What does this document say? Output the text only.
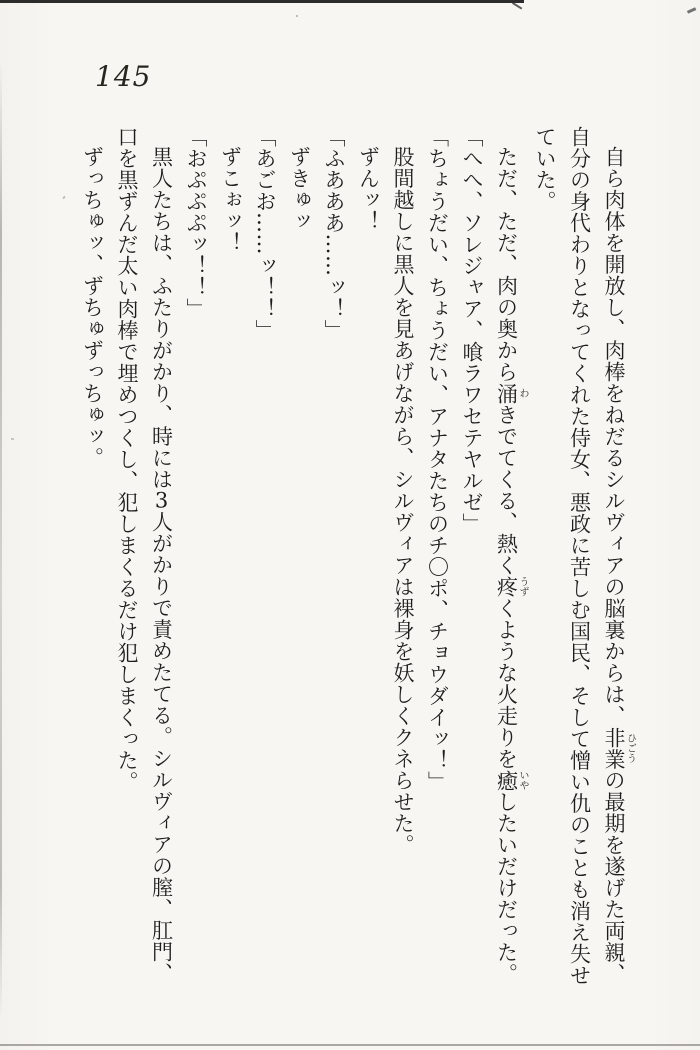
145

自ら肉体を開放し、肉棒をねだるシルヴィアの脳裏からは、非業ひごうの最期を遂げた両親、

自分の身代わりとなってくれた侍女、悪政に苦しむ国民、そして憎い仇のことも消え失せ

ていた。

ただ、ただ、肉の奥から涌わきでてくる、熱く疼うずくような火走りを癒いやしたいだけだった。

「へへ、ソレジャア、喰ラワセテヤルゼ」

「ちょうだい、ちょうだい、アナタたちのチ〇ポ、チョウダイッ！」

股間越しに黒人を見あげながら、シルヴィアは裸身を妖しくクネらせた。

ずんッ！

「ふあああ……ッ！」

ずきゅッ

「あごお……ッ！！」

ずこぉッ！

「おぷぷぷッ！！」

黒人たちは、ふたりがかり、時には3人がかりで責めたてる。シルヴィアの膣、肛門、

口を黒ずんだ太い肉棒で埋めつくし、犯しまくるだけ犯しまくった。

ずっちゅッ、ずちゅずっちゅッ。
